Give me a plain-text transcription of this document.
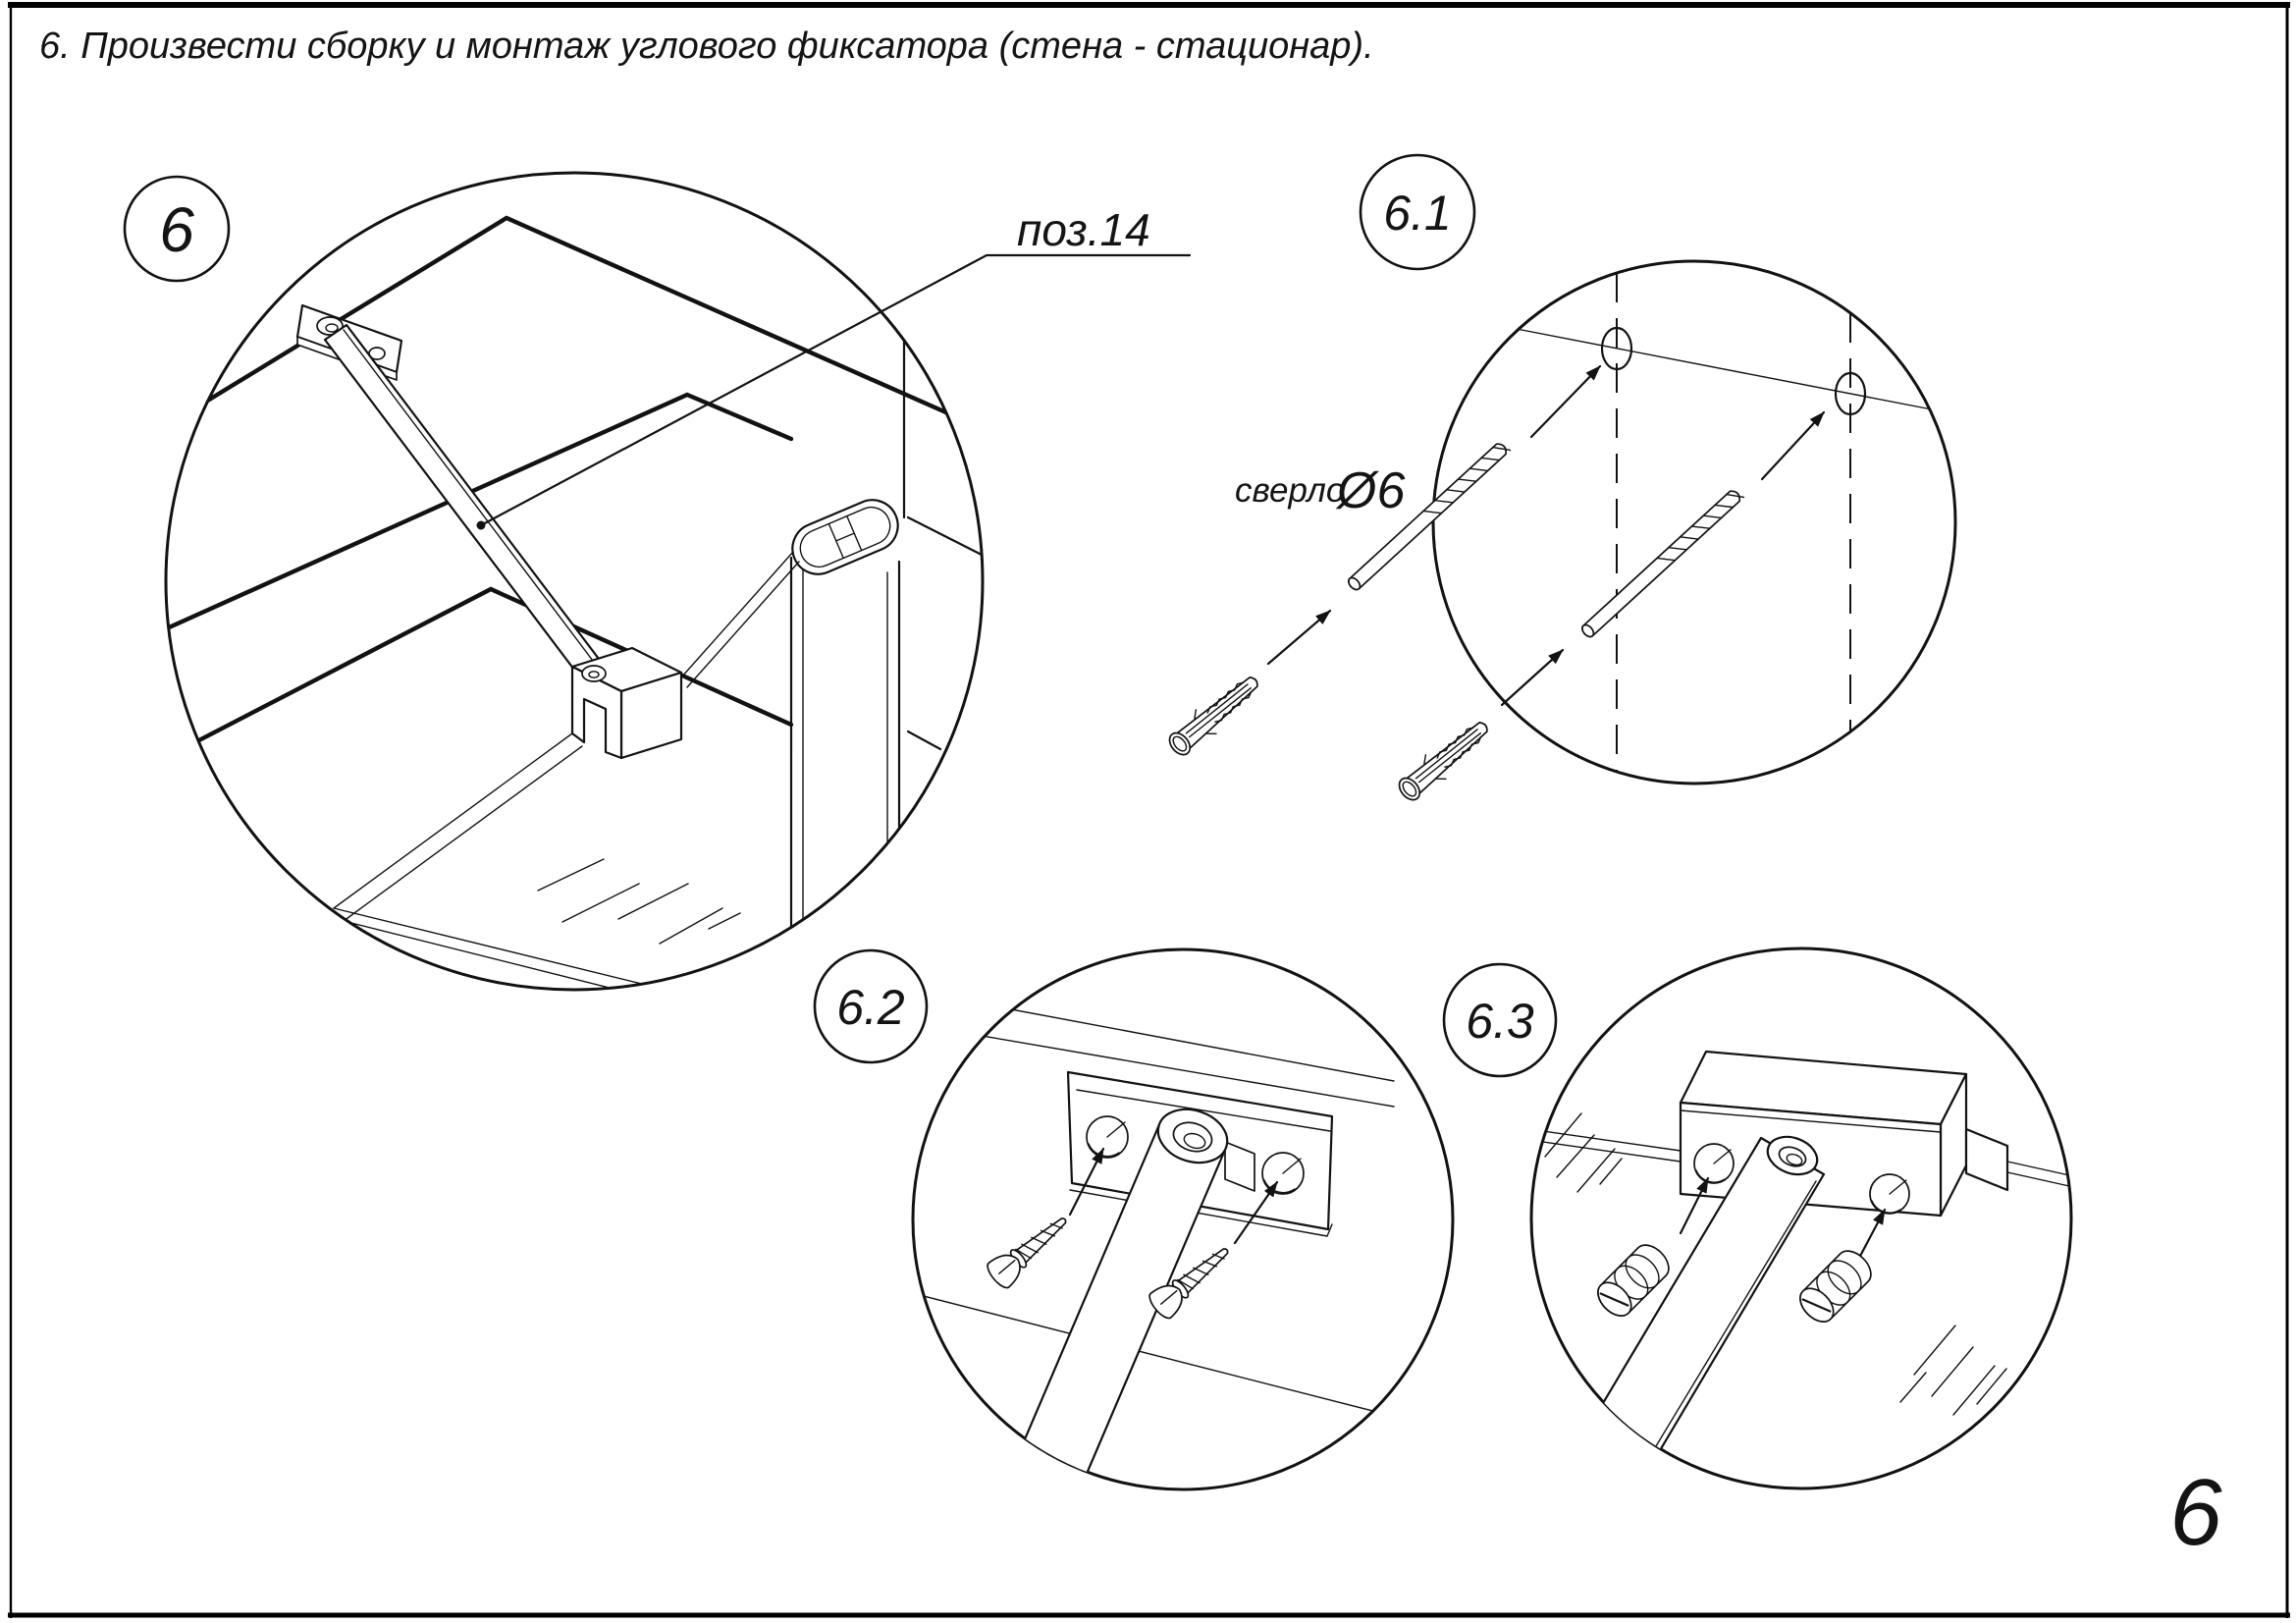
6. Произвести сборку и монтаж углового фиксатора (стена - стационар).
6	поз.14	6.1
сверло
Ø6
6.2	6.3
6
